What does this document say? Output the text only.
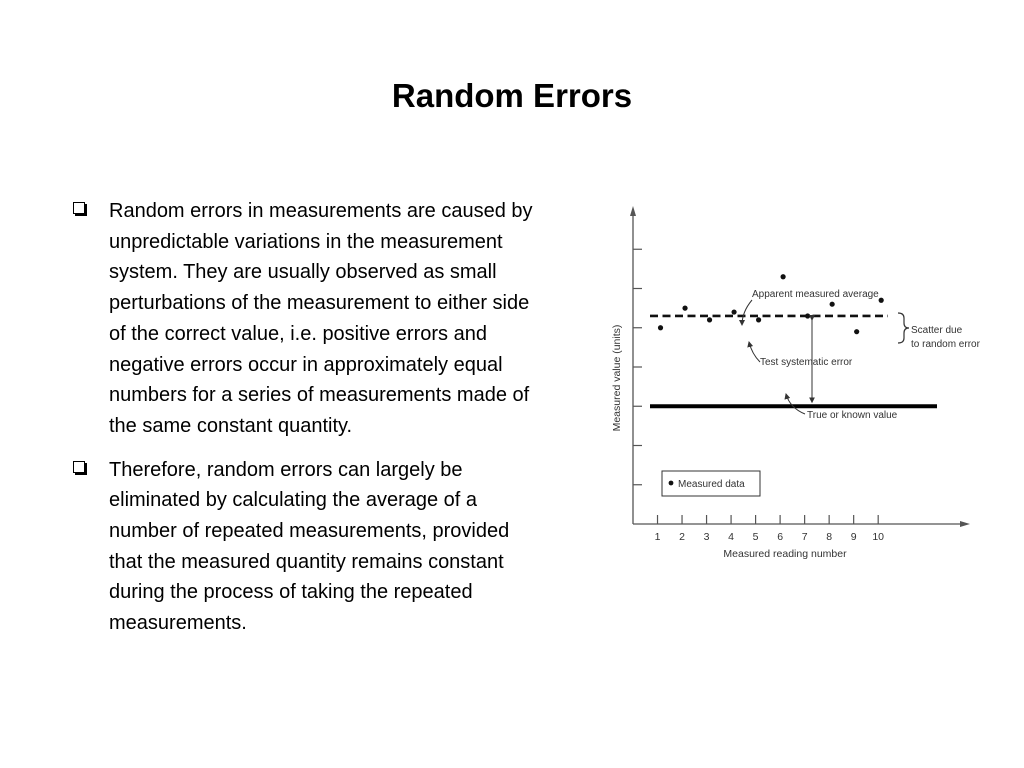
Random Errors
Random errors in measurements are caused by unpredictable variations in the measurement system. They are usually observed as small perturbations of the measurement to either side of the correct value, i.e. positive errors and negative errors occur in approximately equal numbers for a series of measurements made of the same constant quantity.
Therefore, random errors can largely be eliminated by calculating the average of a number of repeated measurements, provided that the measured quantity remains constant during the process of taking the repeated measurements.
1 2 3 4 5 6 7 8 9 10
Measured reading number
Measured value (units)
Apparent measured average
Scatter due
to random error
Test systematic error
True or known value
Measured data
